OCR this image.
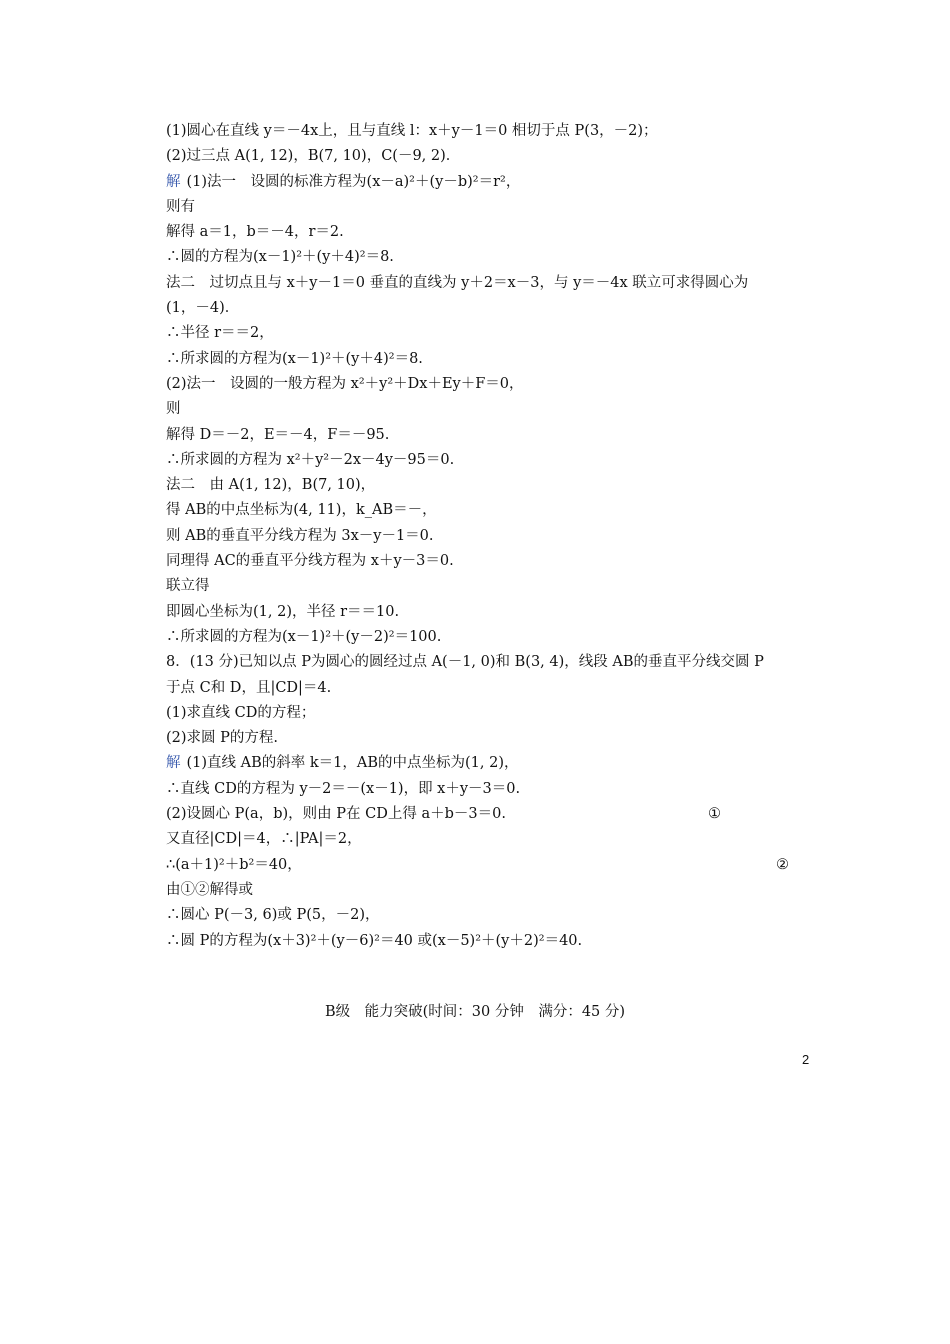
(1)圆心在直线 y＝－4x上，且与直线 l：x＋y－1＝0 相切于点 P(3，－2)；
(2)过三点 A(1, 12)，B(7, 10)，C(－9, 2)．
解 (1)法一　设圆的标准方程为(x－a)²＋(y－b)²＝r²，
则有
解得 a＝1，b＝－4，r＝2.
∴圆的方程为(x－1)²＋(y＋4)²＝8.
法二　过切点且与 x＋y－1＝0 垂直的直线为 y＋2＝x－3，与 y＝－4x 联立可求得圆心为
(1，－4)．
∴半径 r＝＝2，
∴所求圆的方程为(x－1)²＋(y＋4)²＝8.
(2)法一　设圆的一般方程为 x²＋y²＋Dx＋Ey＋F＝0，
则
解得 D＝－2，E＝－4，F＝－95.
∴所求圆的方程为 x²＋y²－2x－4y－95＝0.
法二　由 A(1, 12)，B(7, 10)，
得 AB的中点坐标为(4, 11)，k_AB＝－，
则 AB的垂直平分线方程为 3x－y－1＝0.
同理得 AC的垂直平分线方程为 x＋y－3＝0.
联立得
即圆心坐标为(1, 2)，半径 r＝＝10.
∴所求圆的方程为(x－1)²＋(y－2)²＝100.
8．(13 分)已知以点 P为圆心的圆经过点 A(－1, 0)和 B(3, 4)，线段 AB的垂直平分线交圆 P
于点 C和 D，且|CD|＝4.
(1)求直线 CD的方程；
(2)求圆 P的方程.
解 (1)直线 AB的斜率 k＝1，AB的中点坐标为(1, 2)，
∴直线 CD的方程为 y－2＝－(x－1)，即 x＋y－3＝0.
(2)设圆心 P(a，b)，则由 P在 CD上得 a＋b－3＝0.	①
又直径|CD|＝4，∴|PA|＝2，
∴(a＋1)²＋b²＝40，	②
由①②解得或
∴圆心 P(－3, 6)或 P(5，－2)，
∴圆 P的方程为(x＋3)²＋(y－6)²＝40 或(x－5)²＋(y＋2)²＝40.
B级　能力突破(时间：30 分钟　满分：45 分)
2
